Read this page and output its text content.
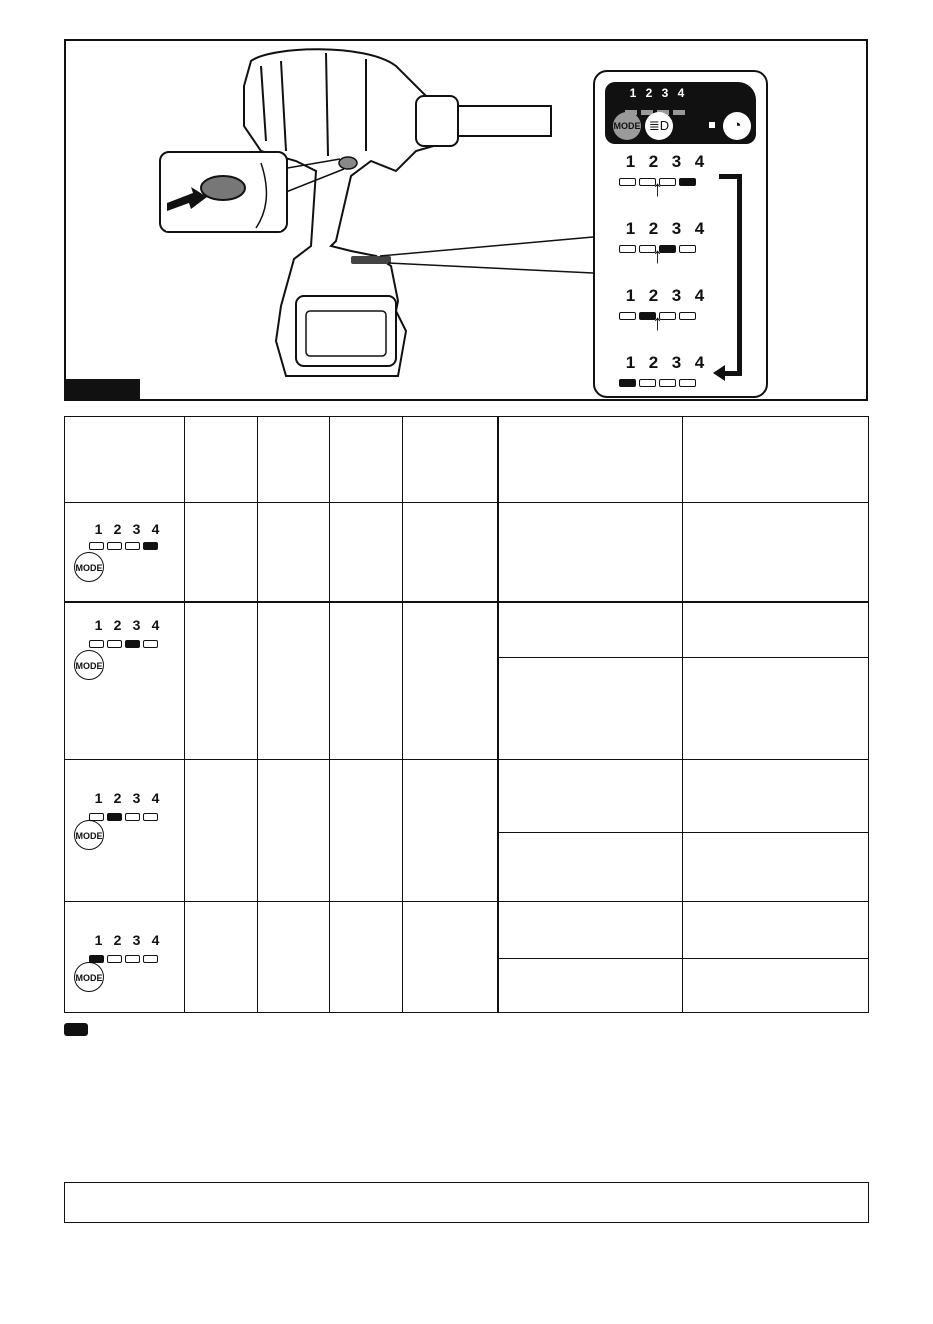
1 2 3 4
MODE ≣D	◔
1 2 3 4
↑
1 2 3 4
↑
1 2 3 4
↑
1 2 3 4

1 2 3 4
MODE						

1 2 3 4
MODE						

1 2 3 4
MODE						

1 2 3 4
MODE						
